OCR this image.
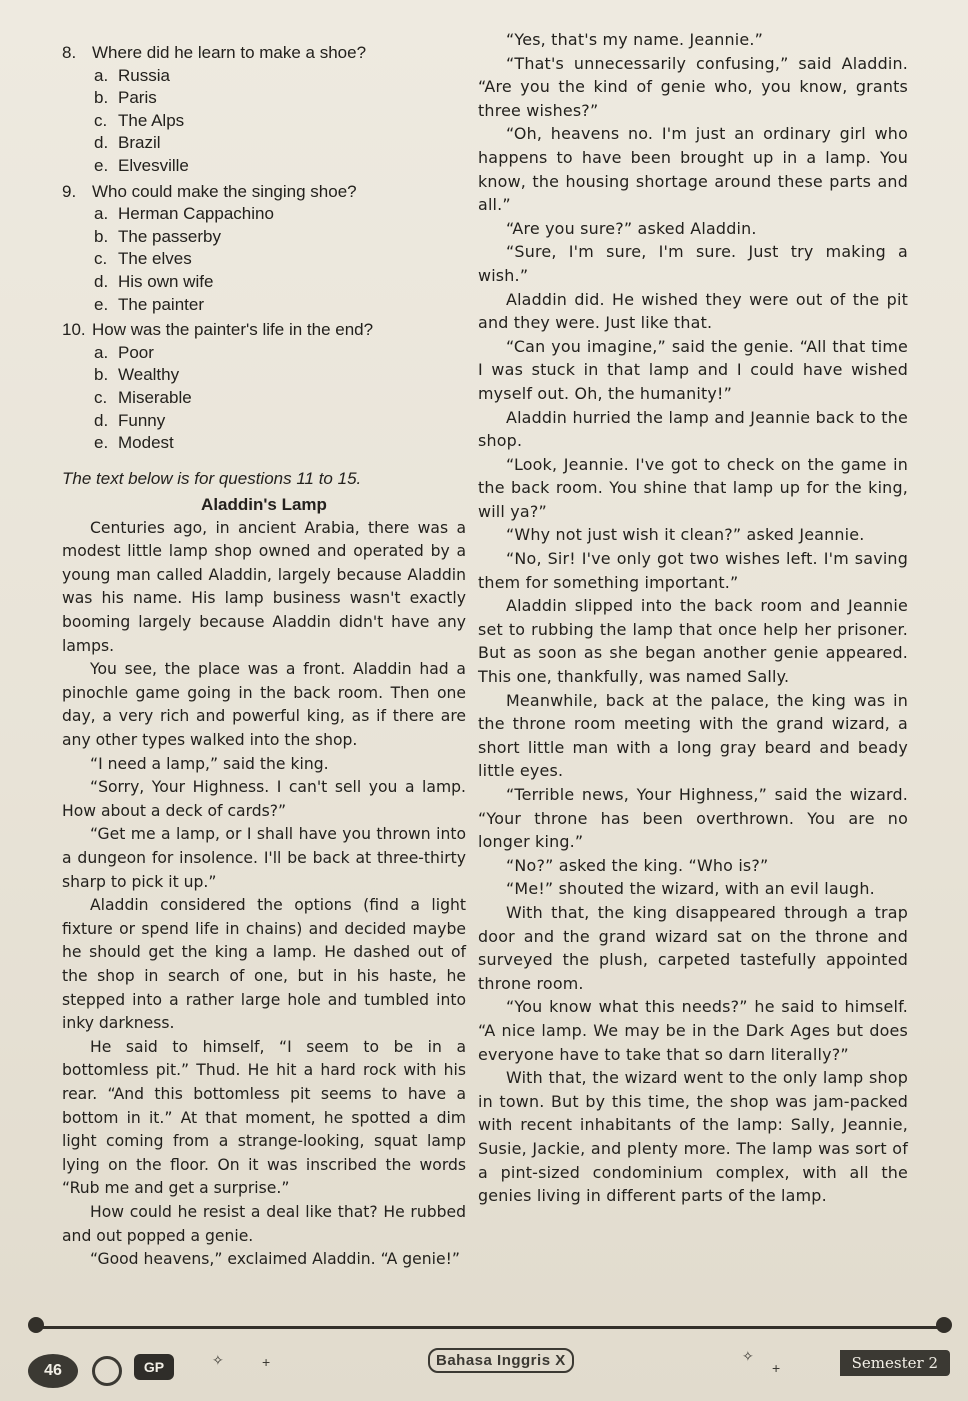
8. Where did he learn to make a shoe?
a. Russia
b. Paris
c. The Alps
d. Brazil
e. Elvesville
9. Who could make the singing shoe?
a. Herman Cappachino
b. The passerby
c. The elves
d. His own wife
e. The painter
10. How was the painter's life in the end?
a. Poor
b. Wealthy
c. Miserable
d. Funny
e. Modest
The text below is for questions 11 to 15.
Aladdin's Lamp

Centuries ago, in ancient Arabia, there was a modest little lamp shop owned and operated by a young man called Aladdin, largely because Aladdin was his name. His lamp business wasn't exactly booming largely because Aladdin didn't have any lamps.

You see, the place was a front. Aladdin had a pinochle game going in the back room. Then one day, a very rich and powerful king, as if there are any other types walked into the shop.

“I need a lamp,” said the king.

“Sorry, Your Highness. I can't sell you a lamp. How about a deck of cards?”

“Get me a lamp, or I shall have you thrown into a dungeon for insolence. I'll be back at three-thirty sharp to pick it up.”

Aladdin considered the options (find a light fixture or spend life in chains) and decided maybe he should get the king a lamp. He dashed out of the shop in search of one, but in his haste, he stepped into a rather large hole and tumbled into inky darkness.

He said to himself, “I seem to be in a bottomless pit.” Thud. He hit a hard rock with his rear. “And this bottomless pit seems to have a bottom in it.” At that moment, he spotted a dim light coming from a strange-looking, squat lamp lying on the floor. On it was inscribed the words “Rub me and get a surprise.”

How could he resist a deal like that? He rubbed and out popped a genie.

“Good heavens,” exclaimed Aladdin. “A genie!”

“Yes, that's my name. Jeannie.”

“That's unnecessarily confusing,” said Aladdin. “Are you the kind of genie who, you know, grants three wishes?”

“Oh, heavens no. I'm just an ordinary girl who happens to have been brought up in a lamp. You know, the housing shortage around these parts and all.”

“Are you sure?” asked Aladdin.

“Sure, I'm sure, I'm sure. Just try making a wish.”

Aladdin did. He wished they were out of the pit and they were. Just like that.

“Can you imagine,” said the genie. “All that time I was stuck in that lamp and I could have wished myself out. Oh, the humanity!”

Aladdin hurried the lamp and Jeannie back to the shop.

“Look, Jeannie. I've got to check on the game in the back room. You shine that lamp up for the king, will ya?”

“Why not just wish it clean?” asked Jeannie.

“No, Sir! I've only got two wishes left. I'm saving them for something important.”

Aladdin slipped into the back room and Jeannie set to rubbing the lamp that once help her prisoner. But as soon as she began another genie appeared. This one, thankfully, was named Sally.

Meanwhile, back at the palace, the king was in the throne room meeting with the grand wizard, a short little man with a long gray beard and beady little eyes.

“Terrible news, Your Highness,” said the wizard. “Your throne has been overthrown. You are no longer king.”

“No?” asked the king. “Who is?”

“Me!” shouted the wizard, with an evil laugh.

With that, the king disappeared through a trap door and the grand wizard sat on the throne and surveyed the plush, carpeted tastefully appointed throne room.

“You know what this needs?” he said to himself. “A nice lamp. We may be in the Dark Ages but does everyone have to take that so darn literally?”

With that, the wizard went to the only lamp shop in town. But by this time, the shop was jam-packed with recent inhabitants of the lamp: Sally, Jeannie, Susie, Jackie, and plenty more. The lamp was sort of a pint-sized condominium complex, with all the genies living in different parts of the lamp.

46	GP	✧	+	Bahasa Inggris X	✧
+	Semester 2
